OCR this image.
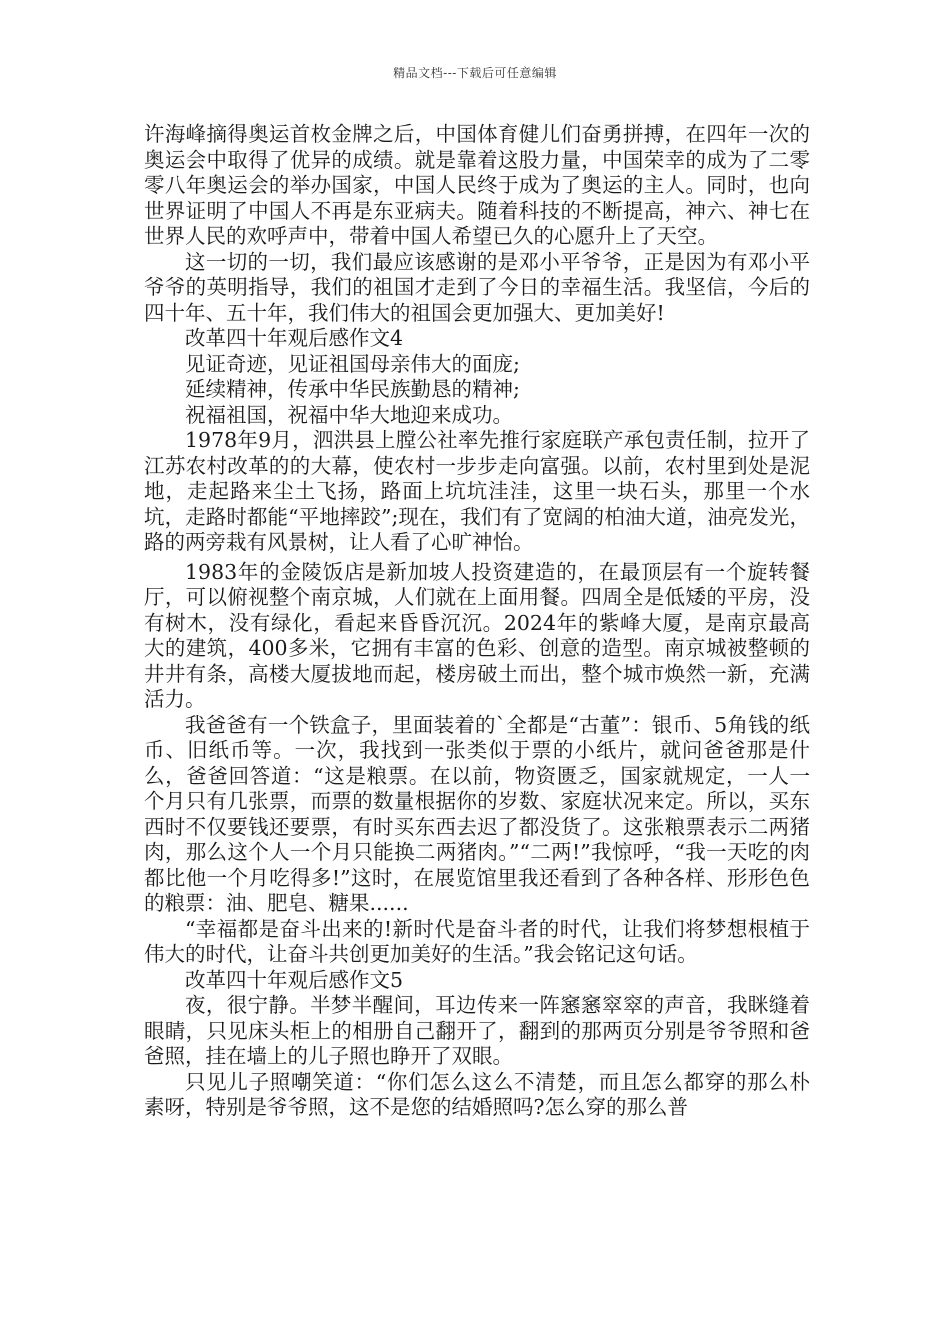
精品文档---下载后可任意编辑

许海峰摘得奥运首枚金牌之后，中国体育健儿们奋勇拼搏，在四年一次的奥运会中取得了优异的成绩。就是靠着这股力量，中国荣幸的成为了二零零八年奥运会的举办国家，中国人民终于成为了奥运的主人。同时，也向世界证明了中国人不再是东亚病夫。随着科技的不断提高，神六、神七在世界人民的欢呼声中，带着中国人希望已久的心愿升上了天空。

这一切的一切，我们最应该感谢的是邓小平爷爷，正是因为有邓小平爷爷的英明指导，我们的祖国才走到了今日的幸福生活。我坚信，今后的四十年、五十年，我们伟大的祖国会更加强大、更加美好!

改革四十年观后感作文4

见证奇迹，见证祖国母亲伟大的面庞;

延续精神，传承中华民族勤恳的精神;

祝福祖国，祝福中华大地迎来成功。

1978年9月，泗洪县上膛公社率先推行家庭联产承包责任制，拉开了江苏农村改革的的大幕，使农村一步步走向富强。以前，农村里到处是泥地，走起路来尘土飞扬，路面上坑坑洼洼，这里一块石头，那里一个水坑，走路时都能“平地摔跤”;现在，我们有了宽阔的柏油大道，油亮发光，路的两旁栽有风景树，让人看了心旷神怡。

1983年的金陵饭店是新加坡人投资建造的，在最顶层有一个旋转餐厅，可以俯视整个南京城，人们就在上面用餐。四周全是低矮的平房，没有树木，没有绿化，看起来昏昏沉沉。2024年的紫峰大厦，是南京最高大的建筑，400多米，它拥有丰富的色彩、创意的造型。南京城被整顿的井井有条，高楼大厦拔地而起，楼房破土而出，整个城市焕然一新，充满活力。

我爸爸有一个铁盒子，里面装着的`全都是“古董”：银币、5角钱的纸币、旧纸币等。一次，我找到一张类似于票的小纸片，就问爸爸那是什么，爸爸回答道：“这是粮票。在以前，物资匮乏，国家就规定，一人一个月只有几张票，而票的数量根据你的岁数、家庭状况来定。所以，买东西时不仅要钱还要票，有时买东西去迟了都没货了。这张粮票表示二两猪肉，那么这个人一个月只能换二两猪肉。”“二两!”我惊呼，“我一天吃的肉都比他一个月吃得多!”这时，在展览馆里我还看到了各种各样、形形色色的粮票：油、肥皂、糖果......

“幸福都是奋斗出来的!新时代是奋斗者的时代，让我们将梦想根植于伟大的时代，让奋斗共创更加美好的生活。”我会铭记这句话。

改革四十年观后感作文5

夜，很宁静。半梦半醒间，耳边传来一阵窸窸窣窣的声音，我眯缝着眼睛，只见床头柜上的相册自己翻开了，翻到的那两页分别是爷爷照和爸爸照，挂在墙上的儿子照也睁开了双眼。

只见儿子照嘲笑道：“你们怎么这么不清楚，而且怎么都穿的那么朴素呀，特别是爷爷照，这不是您的结婚照吗?怎么穿的那么普
